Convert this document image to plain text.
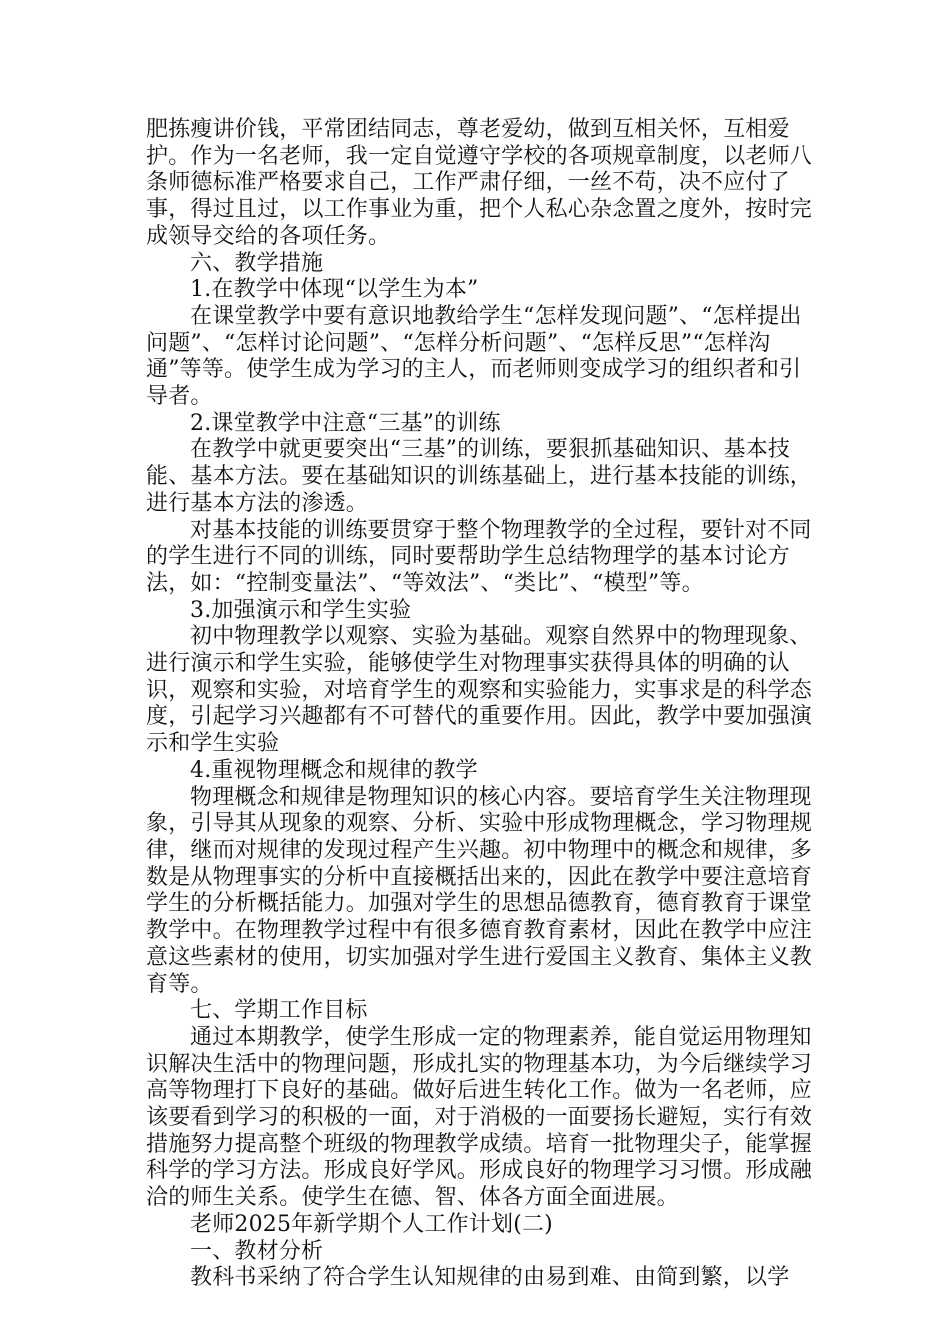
肥拣瘦讲价钱，平常团结同志，尊老爱幼，做到互相关怀，互相爱护。作为一名老师，我一定自觉遵守学校的各项规章制度，以老师八条师德标准严格要求自己，工作严肃仔细，一丝不苟，决不应付了事，得过且过，以工作事业为重，把个人私心杂念置之度外，按时完成领导交给的各项任务。

六、教学措施

1.在教学中体现“以学生为本”

在课堂教学中要有意识地教给学生“怎样发现问题”、“怎样提出问题”、“怎样讨论问题”、“怎样分析问题”、“怎样反思”“怎样沟通”等等。使学生成为学习的主人，而老师则变成学习的组织者和引导者。

2.课堂教学中注意“三基”的训练

在教学中就更要突出“三基”的训练，要狠抓基础知识、基本技能、基本方法。要在基础知识的训练基础上，进行基本技能的训练，进行基本方法的渗透。

对基本技能的训练要贯穿于整个物理教学的全过程，要针对不同的学生进行不同的训练，同时要帮助学生总结物理学的基本讨论方法，如：“控制变量法”、“等效法”、“类比”、“模型”等。

3.加强演示和学生实验

初中物理教学以观察、实验为基础。观察自然界中的物理现象、进行演示和学生实验，能够使学生对物理事实获得具体的明确的认识，观察和实验，对培育学生的观察和实验能力，实事求是的科学态度，引起学习兴趣都有不可替代的重要作用。因此，教学中要加强演示和学生实验

4.重视物理概念和规律的教学

物理概念和规律是物理知识的核心内容。要培育学生关注物理现象，引导其从现象的观察、分析、实验中形成物理概念，学习物理规律，继而对规律的发现过程产生兴趣。初中物理中的概念和规律，多数是从物理事实的分析中直接概括出来的，因此在教学中要注意培育学生的分析概括能力。加强对学生的思想品德教育，德育教育于课堂教学中。在物理教学过程中有很多德育教育素材，因此在教学中应注意这些素材的使用，切实加强对学生进行爱国主义教育、集体主义教育等。

七、学期工作目标

通过本期教学，使学生形成一定的物理素养，能自觉运用物理知识解决生活中的物理问题，形成扎实的物理基本功，为今后继续学习高等物理打下良好的基础。做好后进生转化工作。做为一名老师，应该要看到学习的积极的一面，对于消极的一面要扬长避短，实行有效措施努力提高整个班级的物理教学成绩。培育一批物理尖子，能掌握科学的学习方法。形成良好学风。形成良好的物理学习习惯。形成融洽的师生关系。使学生在德、智、体各方面全面进展。

老师2025年新学期个人工作计划(二)

一、教材分析

教科书采纳了符合学生认知规律的由易到难、由简到繁，以学
